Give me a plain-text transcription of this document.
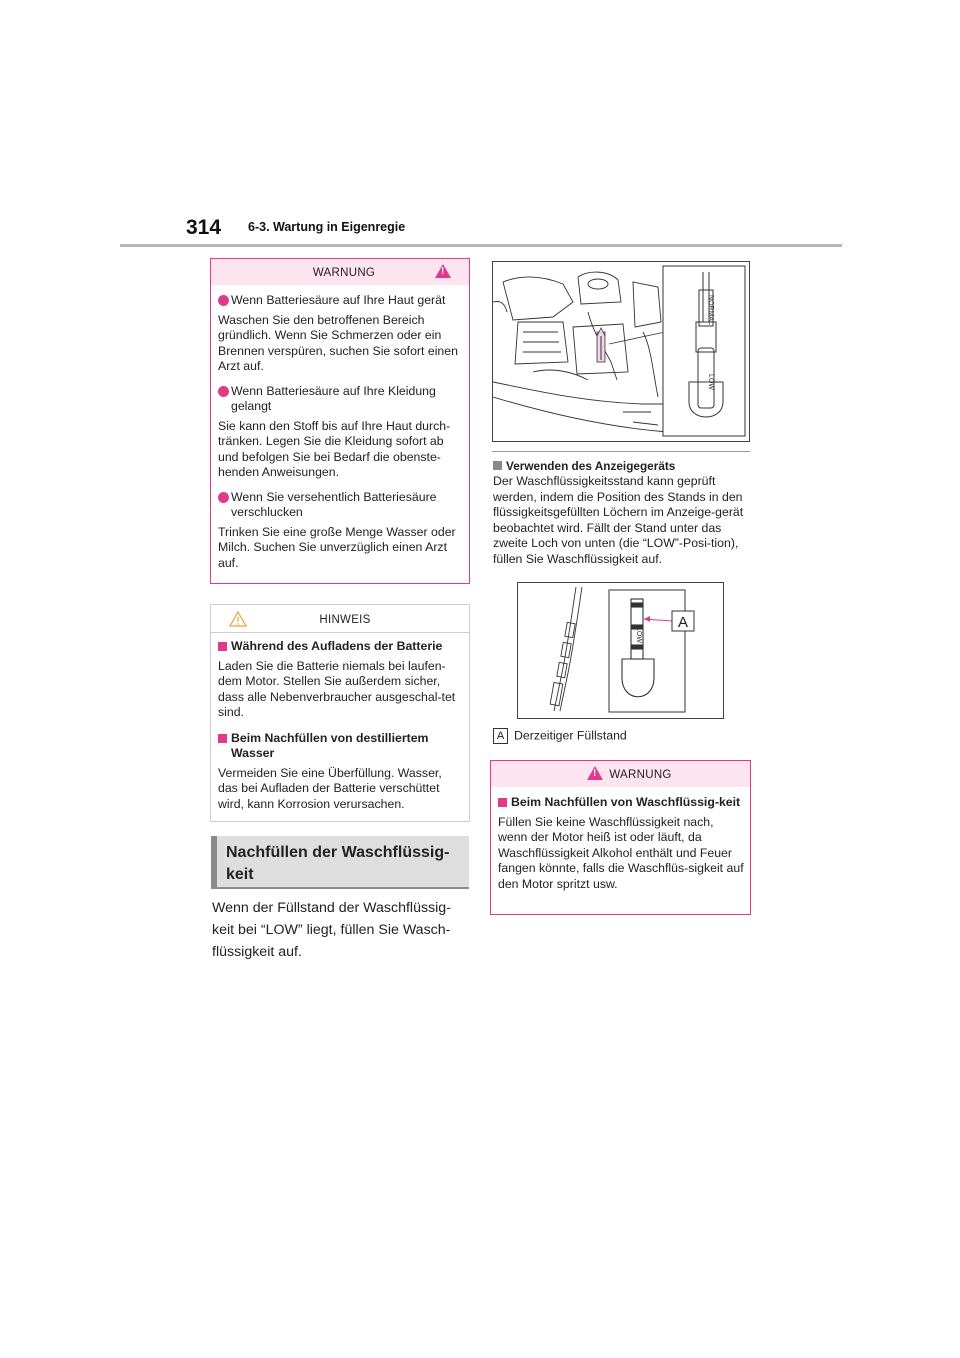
314 6-3. Wartung in Eigenregie
!
WARNUNG
Wenn Batteriesäure auf Ihre Haut gerät
Waschen Sie den betroffenen Bereich gründlich. Wenn Sie Schmerzen oder ein Brennen verspüren, suchen Sie sofort einen Arzt auf.
Wenn Batteriesäure auf Ihre Kleidung gelangt
Sie kann den Stoff bis auf Ihre Haut durch-tränken. Legen Sie die Kleidung sofort ab und befolgen Sie bei Bedarf die obenste-henden Anweisungen.
Wenn Sie versehentlich Batteriesäure verschlucken
Trinken Sie eine große Menge Wasser oder Milch. Suchen Sie unverzüglich einen Arzt auf.
HINWEIS
Während des Aufladens der Batterie
Laden Sie die Batterie niemals bei laufen-dem Motor. Stellen Sie außerdem sicher, dass alle Nebenverbraucher ausgeschal-tet sind.
Beim Nachfüllen von destilliertem Wasser
Vermeiden Sie eine Überfüllung. Wasser, das bei Aufladen der Batterie verschüttet wird, kann Korrosion verursachen.
Nachfüllen der Waschflüssig-keit
Wenn der Füllstand der Waschflüssig-keit bei “LOW” liegt, füllen Sie Wasch-flüssigkeit auf.
NORMAL
LOW
Verwenden des Anzeigegeräts
Der Waschflüssigkeitsstand kann geprüft werden, indem die Position des Stands in den flüssigkeitsgefüllten Löchern im Anzeige-gerät beobachtet wird. Fällt der Stand unter das zweite Loch von unten (die “LOW”-Posi-tion), füllen Sie Waschflüssigkeit auf.
LOW
A
A Derzeitiger Füllstand
!
WARNUNG
Beim Nachfüllen von Waschflüssig-keit
Füllen Sie keine Waschflüssigkeit nach, wenn der Motor heiß ist oder läuft, da Waschflüssigkeit Alkohol enthält und Feuer fangen könnte, falls die Waschflüs-sigkeit auf den Motor spritzt usw.
